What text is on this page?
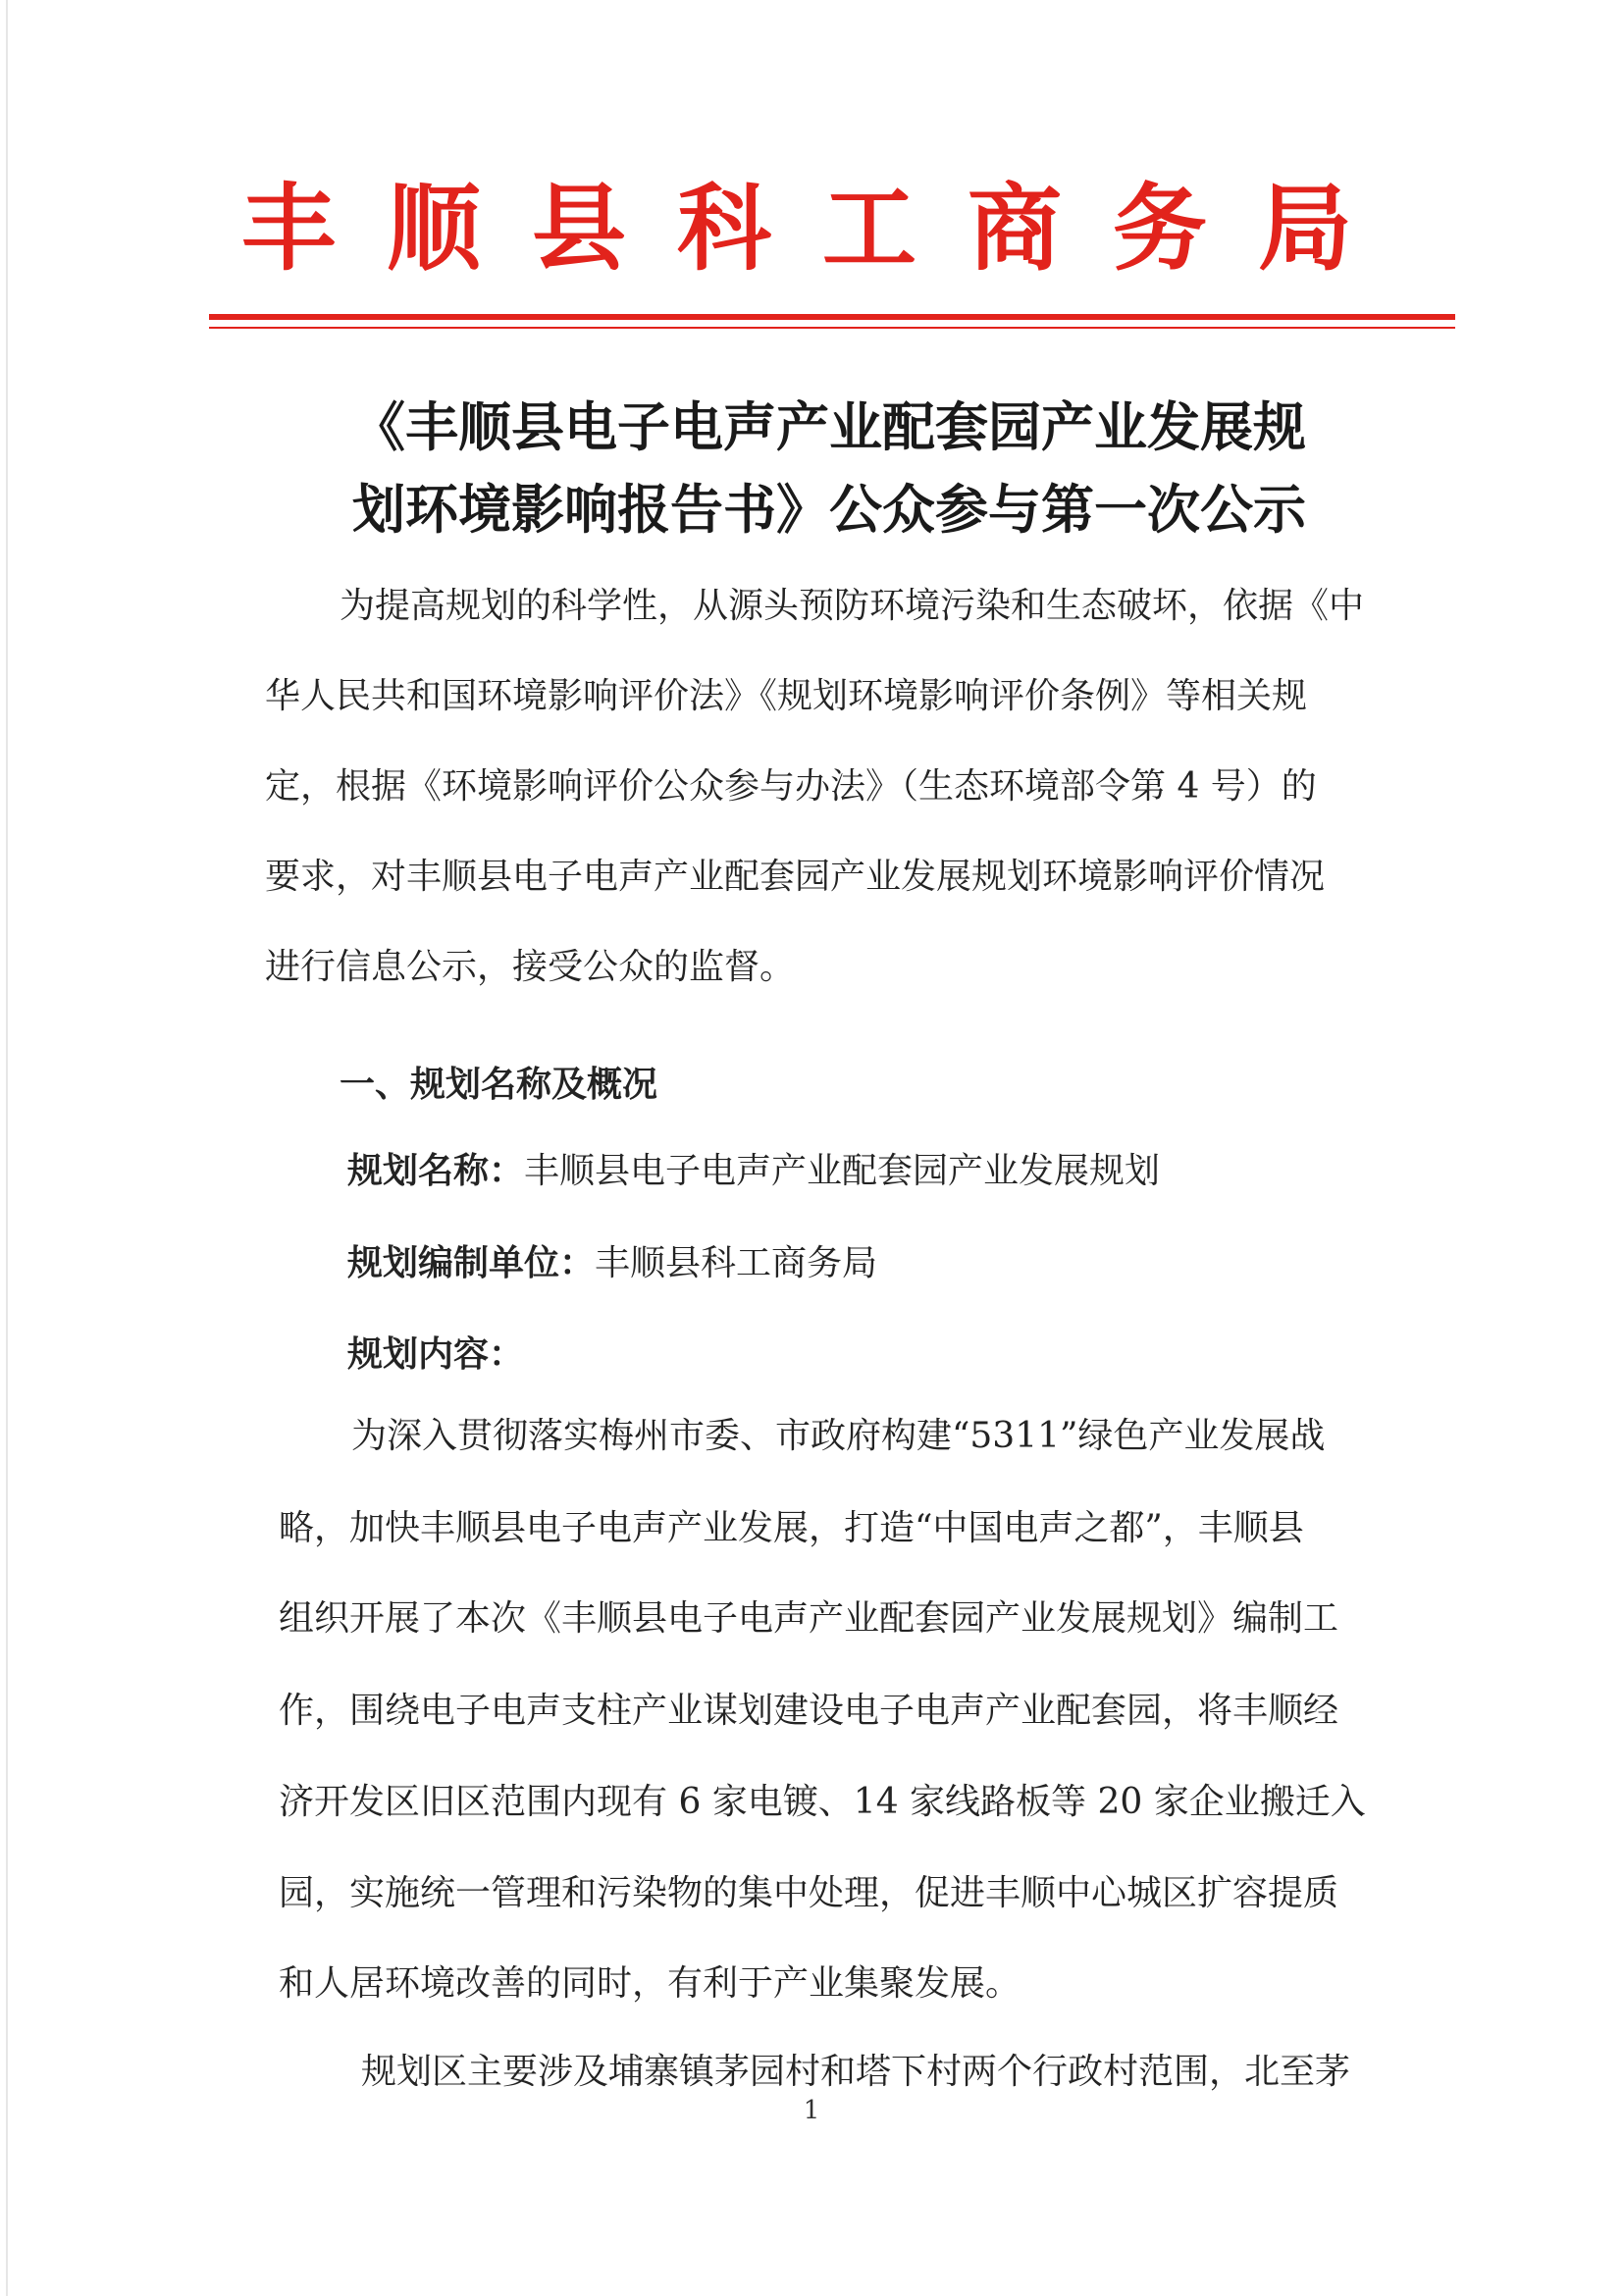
丰顺县科工商务局
《丰顺县电子电声产业配套园产业发展规
划环境影响报告书》公众参与第一次公示
为提高规划的科学性，从源头预防环境污染和生态破坏，依据《中
华人民共和国环境影响评价法》《规划环境影响评价条例》等相关规
定，根据《环境影响评价公众参与办法》（生态环境部令第 4 号）的
要求，对丰顺县电子电声产业配套园产业发展规划环境影响评价情况
进行信息公示，接受公众的监督。
一、规划名称及概况
规划名称：丰顺县电子电声产业配套园产业发展规划
规划编制单位：丰顺县科工商务局
规划内容：
为深入贯彻落实梅州市委、市政府构建“5311”绿色产业发展战
略，加快丰顺县电子电声产业发展，打造“中国电声之都”，丰顺县
组织开展了本次《丰顺县电子电声产业配套园产业发展规划》编制工
作，围绕电子电声支柱产业谋划建设电子电声产业配套园，将丰顺经
济开发区旧区范围内现有 6 家电镀、14 家线路板等 20 家企业搬迁入
园，实施统一管理和污染物的集中处理，促进丰顺中心城区扩容提质
和人居环境改善的同时，有利于产业集聚发展。
规划区主要涉及埔寨镇茅园村和塔下村两个行政村范围，北至茅
1
